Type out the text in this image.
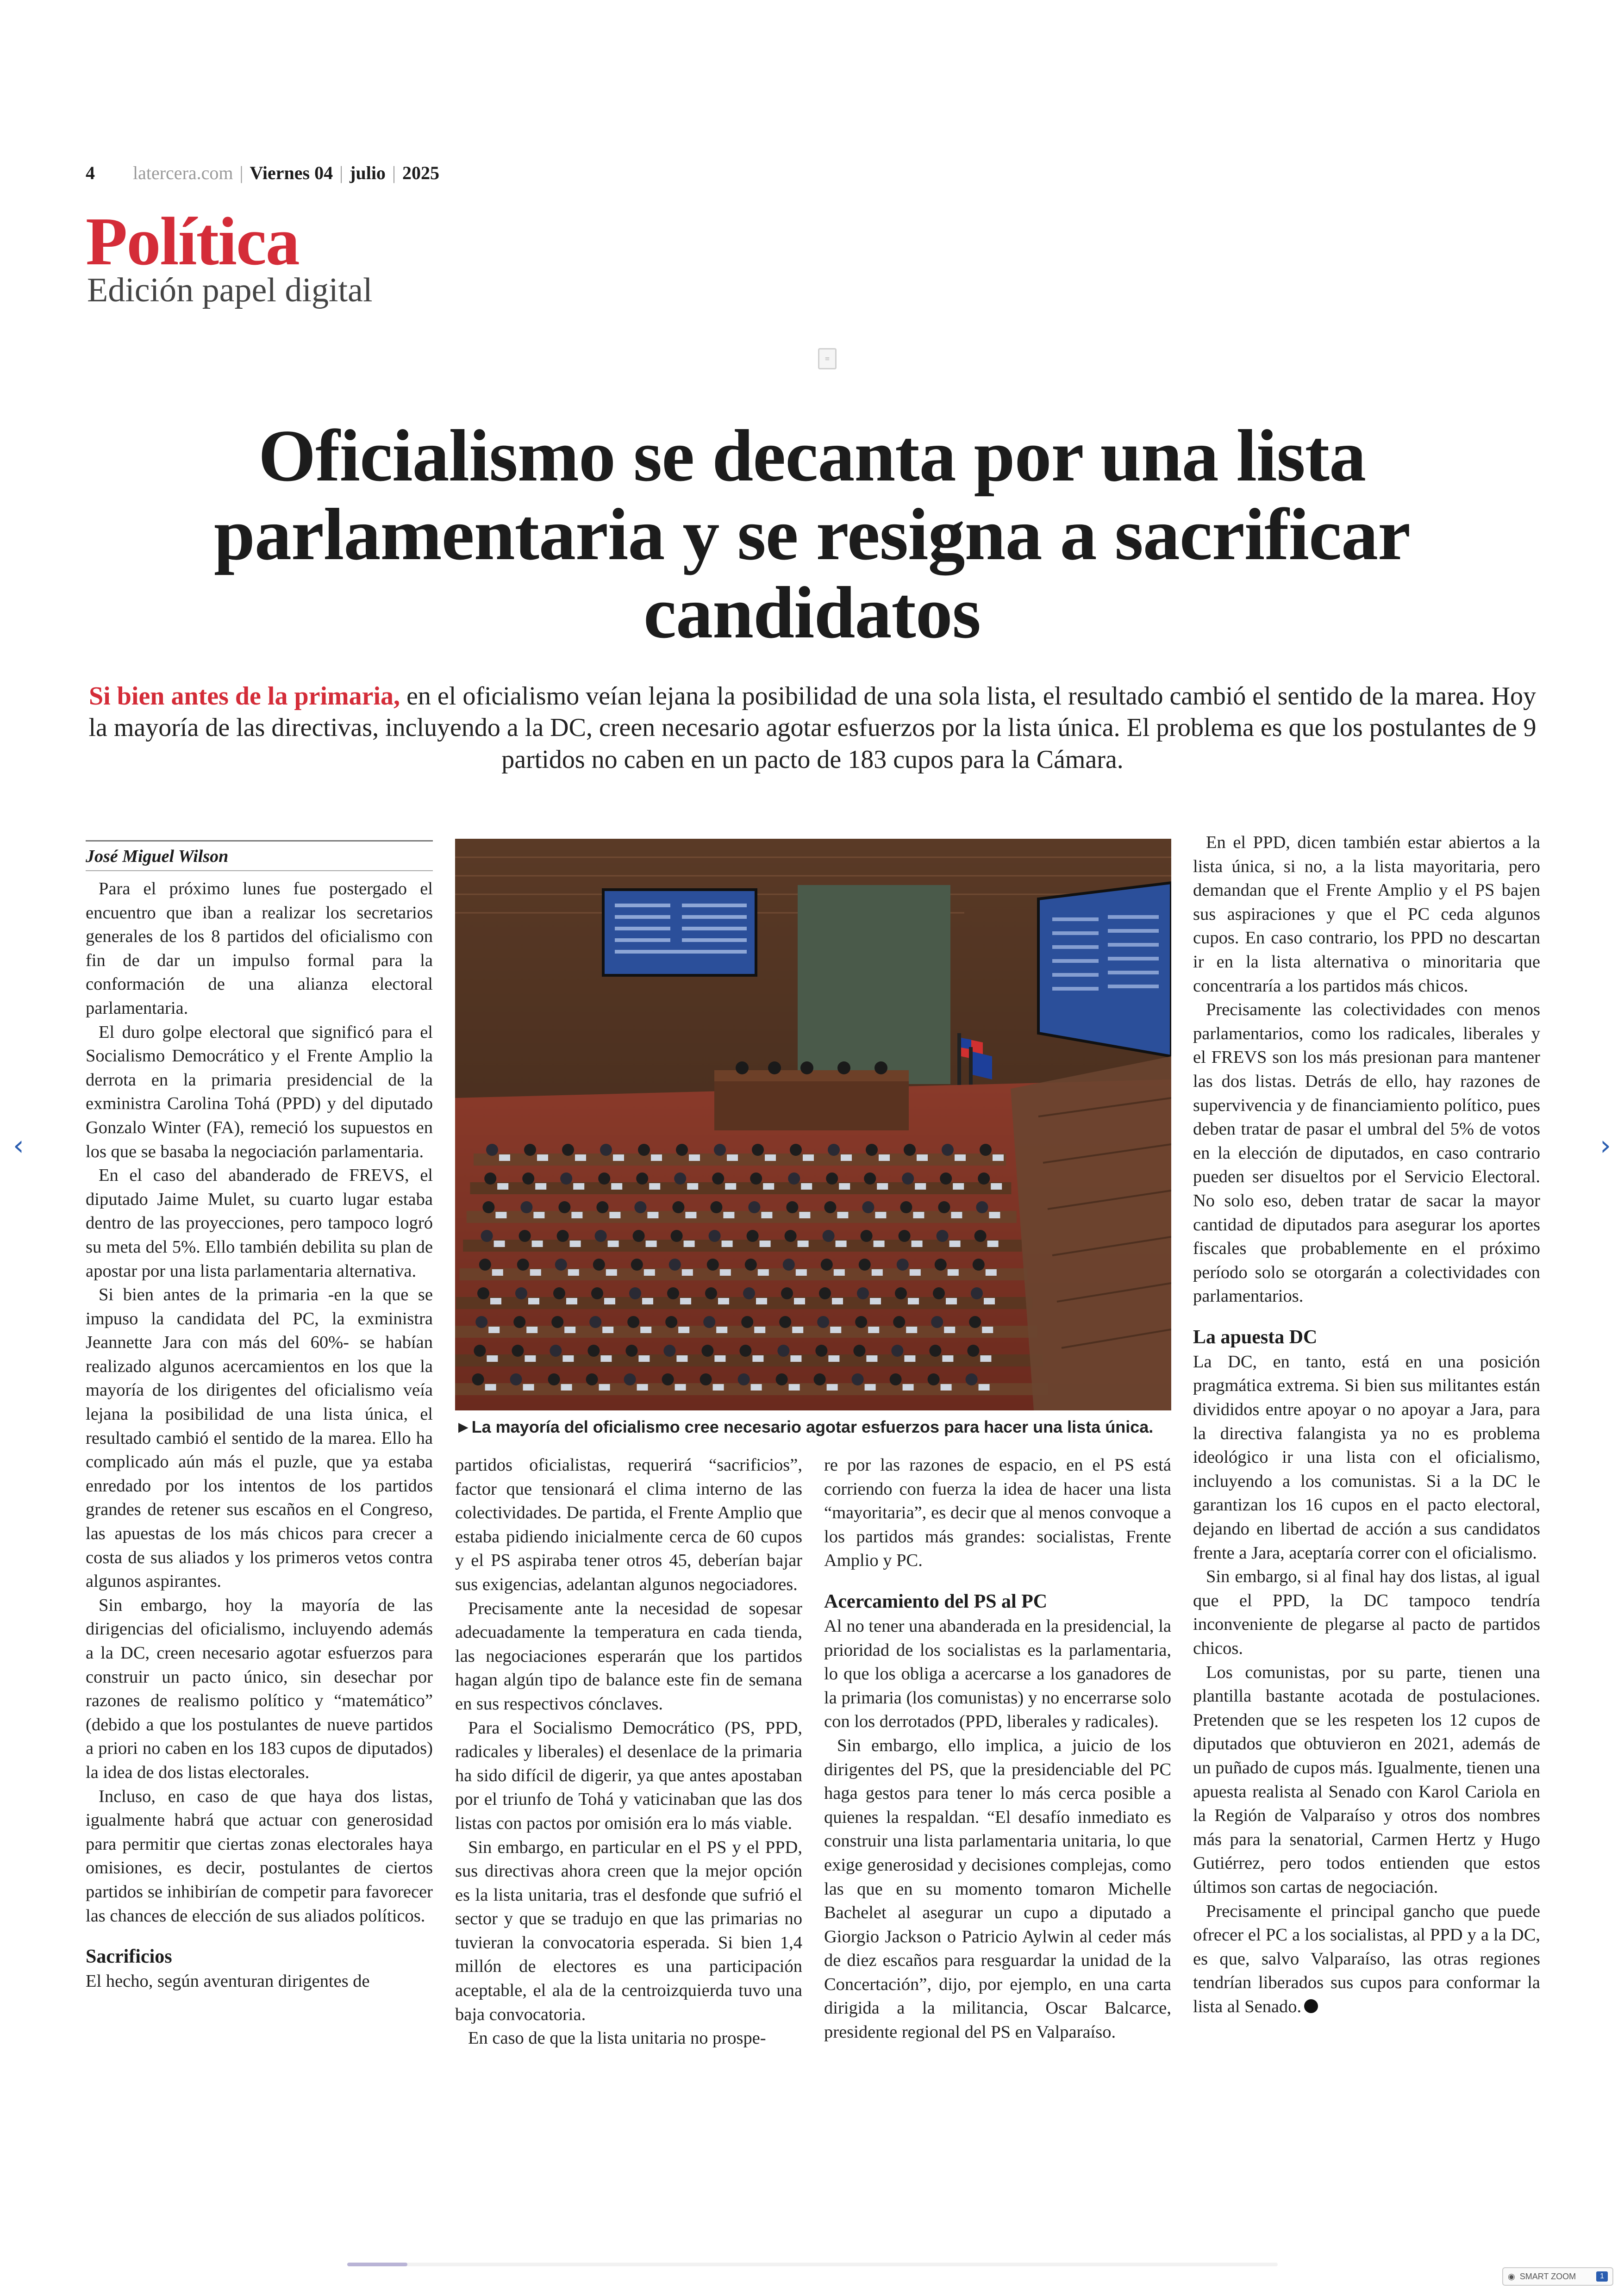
4 latercera.com | Viernes 04 | julio | 2025
Política
Edición papel digital
≡
Oficialismo se decanta por una lista parlamentaria y se resigna a sacrificar candidatos
Si bien antes de la primaria, en el oficialismo veían lejana la posibilidad de una sola lista, el resultado cambió el sentido de la marea. Hoy la mayoría de las directivas, incluyendo a la DC, creen necesario agotar esfuerzos por la lista única. El problema es que los postulantes de 9 partidos no caben en un pacto de 183 cupos para la Cámara.
José Miguel Wilson

Para el próximo lunes fue postergado el encuentro que iban a realizar los secretarios generales de los 8 partidos del oficialismo con fin de dar un impulso formal para la conformación de una alianza electoral parlamentaria.

El duro golpe electoral que significó para el Socialismo Democrático y el Frente Amplio la derrota en la primaria presidencial de la exministra Carolina Tohá (PPD) y del diputado Gonzalo Winter (FA), remeció los supuestos en los que se basaba la negociación parlamentaria.

En el caso del abanderado de FREVS, el diputado Jaime Mulet, su cuarto lugar estaba dentro de las proyecciones, pero tampoco logró su meta del 5%. Ello también debilita su plan de apostar por una lista parlamentaria alternativa.

Si bien antes de la primaria -en la que se impuso la candidata del PC, la exministra Jeannette Jara con más del 60%- se habían realizado algunos acercamientos en los que la mayoría de los dirigentes del oficialismo veía lejana la posibilidad de una lista única, el resultado cambió el sentido de la marea. Ello ha complicado aún más el puzle, que ya estaba enredado por los intentos de los partidos grandes de retener sus escaños en el Congreso, las apuestas de los más chicos para crecer a costa de sus aliados y los primeros vetos contra algunos aspirantes.

Sin embargo, hoy la mayoría de las dirigencias del oficialismo, incluyendo además a la DC, creen necesario agotar esfuerzos para construir un pacto único, sin desechar por razones de realismo político y “matemático” (debido a que los postulantes de nueve partidos a priori no caben en los 183 cupos de diputados) la idea de dos listas electorales.

Incluso, en caso de que haya dos listas, igualmente habrá que actuar con generosidad para permitir que ciertas zonas electorales haya omisiones, es decir, postulantes de ciertos partidos se inhibirían de competir para favorecer las chances de elección de sus aliados políticos.

Sacrificios

El hecho, según aventuran dirigentes de

►La mayoría del oficialismo cree necesario agotar esfuerzos para hacer una lista única.

partidos oficialistas, requerirá “sacrificios”, factor que tensionará el clima interno de las colectividades. De partida, el Frente Amplio que estaba pidiendo inicialmente cerca de 60 cupos y el PS aspiraba tener otros 45, deberían bajar sus exigencias, adelantan algunos negociadores.

Precisamente ante la necesidad de sopesar adecuadamente la temperatura en cada tienda, las negociaciones esperarán que los partidos hagan algún tipo de balance este fin de semana en sus respectivos cónclaves.

Para el Socialismo Democrático (PS, PPD, radicales y liberales) el desenlace de la primaria ha sido difícil de digerir, ya que antes apostaban por el triunfo de Tohá y vaticinaban que las dos listas con pactos por omisión era lo más viable.

Sin embargo, en particular en el PS y el PPD, sus directivas ahora creen que la mejor opción es la lista unitaria, tras el desfonde que sufrió el sector y que se tradujo en que las primarias no tuvieran la convocatoria esperada. Si bien 1,4 millón de electores es una participación aceptable, el ala de la centroizquierda tuvo una baja convocatoria.

En caso de que la lista unitaria no prospe-

re por las razones de espacio, en el PS está corriendo con fuerza la idea de hacer una lista “mayoritaria”, es decir que al menos convoque a los partidos más grandes: socialistas, Frente Amplio y PC.

Acercamiento del PS al PC

Al no tener una abanderada en la presidencial, la prioridad de los socialistas es la parlamentaria, lo que los obliga a acercarse a los ganadores de la primaria (los comunistas) y no encerrarse solo con los derrotados (PPD, liberales y radicales).

Sin embargo, ello implica, a juicio de los dirigentes del PS, que la presidenciable del PC haga gestos para tener lo más cerca posible a quienes la respaldan. “El desafío inmediato es construir una lista parlamentaria unitaria, lo que exige generosidad y decisiones complejas, como las que en su momento tomaron Michelle Bachelet al asegurar un cupo a diputado a Giorgio Jackson o Patricio Aylwin al ceder más de diez escaños para resguardar la unidad de la Concertación”, dijo, por ejemplo, en una carta dirigida a la militancia, Oscar Balcarce, presidente regional del PS en Valparaíso.

En el PPD, dicen también estar abiertos a la lista única, si no, a la lista mayoritaria, pero demandan que el Frente Amplio y el PS bajen sus aspiraciones y que el PC ceda algunos cupos. En caso contrario, los PPD no descartan ir en la lista alternativa o minoritaria que concentraría a los partidos más chicos.

Precisamente las colectividades con menos parlamentarios, como los radicales, liberales y el FREVS son los más presionan para mantener las dos listas. Detrás de ello, hay razones de supervivencia y de financiamiento político, pues deben tratar de pasar el umbral del 5% de votos en la elección de diputados, en caso contrario pueden ser disueltos por el Servicio Electoral. No solo eso, deben tratar de sacar la mayor cantidad de diputados para asegurar los aportes fiscales que probablemente en el próximo período solo se otorgarán a colectividades con parlamentarios.

La apuesta DC

La DC, en tanto, está en una posición pragmática extrema. Si bien sus militantes están divididos entre apoyar o no apoyar a Jara, para la directiva falangista ya no es problema ideológico ir una lista con el oficialismo, incluyendo a los comunistas. Si a la DC le garantizan los 16 cupos en el pacto electoral, dejando en libertad de acción a sus candidatos frente a Jara, aceptaría correr con el oficialismo.

Sin embargo, si al final hay dos listas, al igual que el PPD, la DC tampoco tendría inconveniente de plegarse al pacto de partidos chicos.

Los comunistas, por su parte, tienen una plantilla bastante acotada de postulaciones. Pretenden que se les respeten los 12 cupos de diputados que obtuvieron en 2021, además de un puñado de cupos más. Igualmente, tienen una apuesta realista al Senado con Karol Cariola en la Región de Valparaíso y otros dos nombres más para la senatorial, Carmen Hertz y Hugo Gutiérrez, pero todos entienden que estos últimos son cartas de negociación.

Precisamente el principal gancho que puede ofrecer el PC a los socialistas, al PPD y a la DC, es que, salvo Valparaíso, las otras regiones tendrían liberados sus cupos para conformar la lista al Senado.

‹	›
◉ SMART ZOOM	1
